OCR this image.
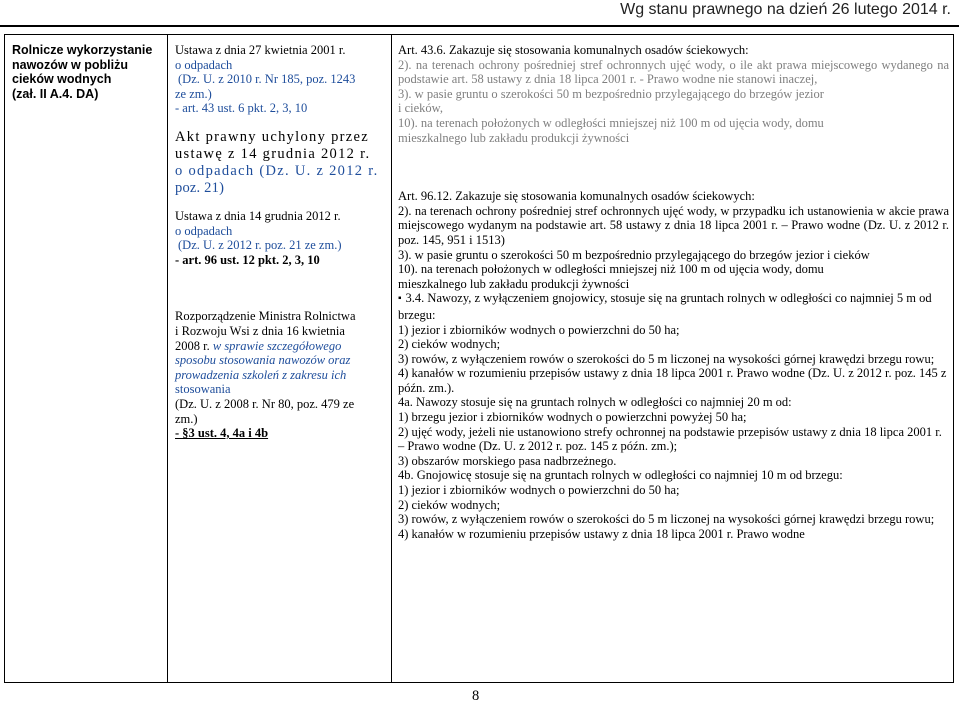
Wg stanu prawnego na dzień 26 lutego 2014 r.
Rolnicze wykorzystanie
nawozów w pobliżu
cieków wodnych
(zał. II A.4. DA)

Ustawa z dnia 27 kwietnia 2001 r.
o odpadach
(Dz. U. z 2010 r. Nr 185, poz. 1243
ze zm.)
- art. 43 ust. 6 pkt. 2, 3, 10
Akt prawny uchylony przez
ustawę z 14 grudnia 2012 r.
o odpadach (Dz. U. z 2012 r.
poz. 21)
Ustawa z dnia 14 grudnia 2012 r.
o odpadach
(Dz. U. z 2012 r. poz. 21 ze zm.)
- art. 96 ust. 12 pkt. 2, 3, 10
Rozporządzenie Ministra Rolnictwa
i Rozwoju Wsi z dnia 16 kwietnia
2008 r. w sprawie szczegółowego
sposobu stosowania nawozów oraz
prowadzenia szkoleń z zakresu ich
stosowania
(Dz. U. z 2008 r. Nr 80, poz. 479 ze
zm.)
- §3 ust. 4, 4a i 4b

Art. 43.6. Zakazuje się stosowania komunalnych osadów ściekowych:
2). na terenach ochrony pośredniej stref ochronnych ujęć wody, o ile akt prawa miejscowego wydanego na podstawie art. 58 ustawy z dnia 18 lipca 2001 r. - Prawo wodne nie stanowi inaczej,
3). w pasie gruntu o szerokości 50 m bezpośrednio przylegającego do brzegów jezior
i cieków,
10). na terenach położonych w odległości mniejszej niż 100 m od ujęcia wody, domu
mieszkalnego lub zakładu produkcji żywności
Art. 96.12. Zakazuje się stosowania komunalnych osadów ściekowych:
2). na terenach ochrony pośredniej stref ochronnych ujęć wody, w przypadku ich ustanowienia w akcie prawa miejscowego wydanym na podstawie art. 58 ustawy z dnia 18 lipca 2001 r. – Prawo wodne (Dz. U. z 2012 r. poz. 145, 951 i 1513)
3). w pasie gruntu o szerokości 50 m bezpośrednio przylegającego do brzegów jezior i cieków
10). na terenach położonych w odległości mniejszej niż 100 m od ujęcia wody, domu
mieszkalnego lub zakładu produkcji żywności
▪ 3.4. Nawozy, z wyłączeniem gnojowicy, stosuje się na gruntach rolnych w odległości co najmniej 5 m od brzegu:
1) jezior i zbiorników wodnych o powierzchni do 50 ha;
2) cieków wodnych;
3) rowów, z wyłączeniem rowów o szerokości do 5 m liczonej na wysokości górnej krawędzi brzegu rowu;
4) kanałów w rozumieniu przepisów ustawy z dnia 18 lipca 2001 r. Prawo wodne (Dz. U. z 2012 r. poz. 145 z późn. zm.).
4a. Nawozy stosuje się na gruntach rolnych w odległości co najmniej 20 m od:
1) brzegu jezior i zbiorników wodnych o powierzchni powyżej 50 ha;
2) ujęć wody, jeżeli nie ustanowiono strefy ochronnej na podstawie przepisów ustawy z dnia 18 lipca 2001 r. – Prawo wodne (Dz. U. z 2012 r. poz. 145 z późn. zm.);
3) obszarów morskiego pasa nadbrzeżnego.
4b. Gnojowicę stosuje się na gruntach rolnych w odległości co najmniej 10 m od brzegu:
1) jezior i zbiorników wodnych o powierzchni do 50 ha;
2) cieków wodnych;
3) rowów, z wyłączeniem rowów o szerokości do 5 m liczonej na wysokości górnej krawędzi brzegu rowu;
4) kanałów w rozumieniu przepisów ustawy z dnia 18 lipca 2001 r. Prawo wodne
8
